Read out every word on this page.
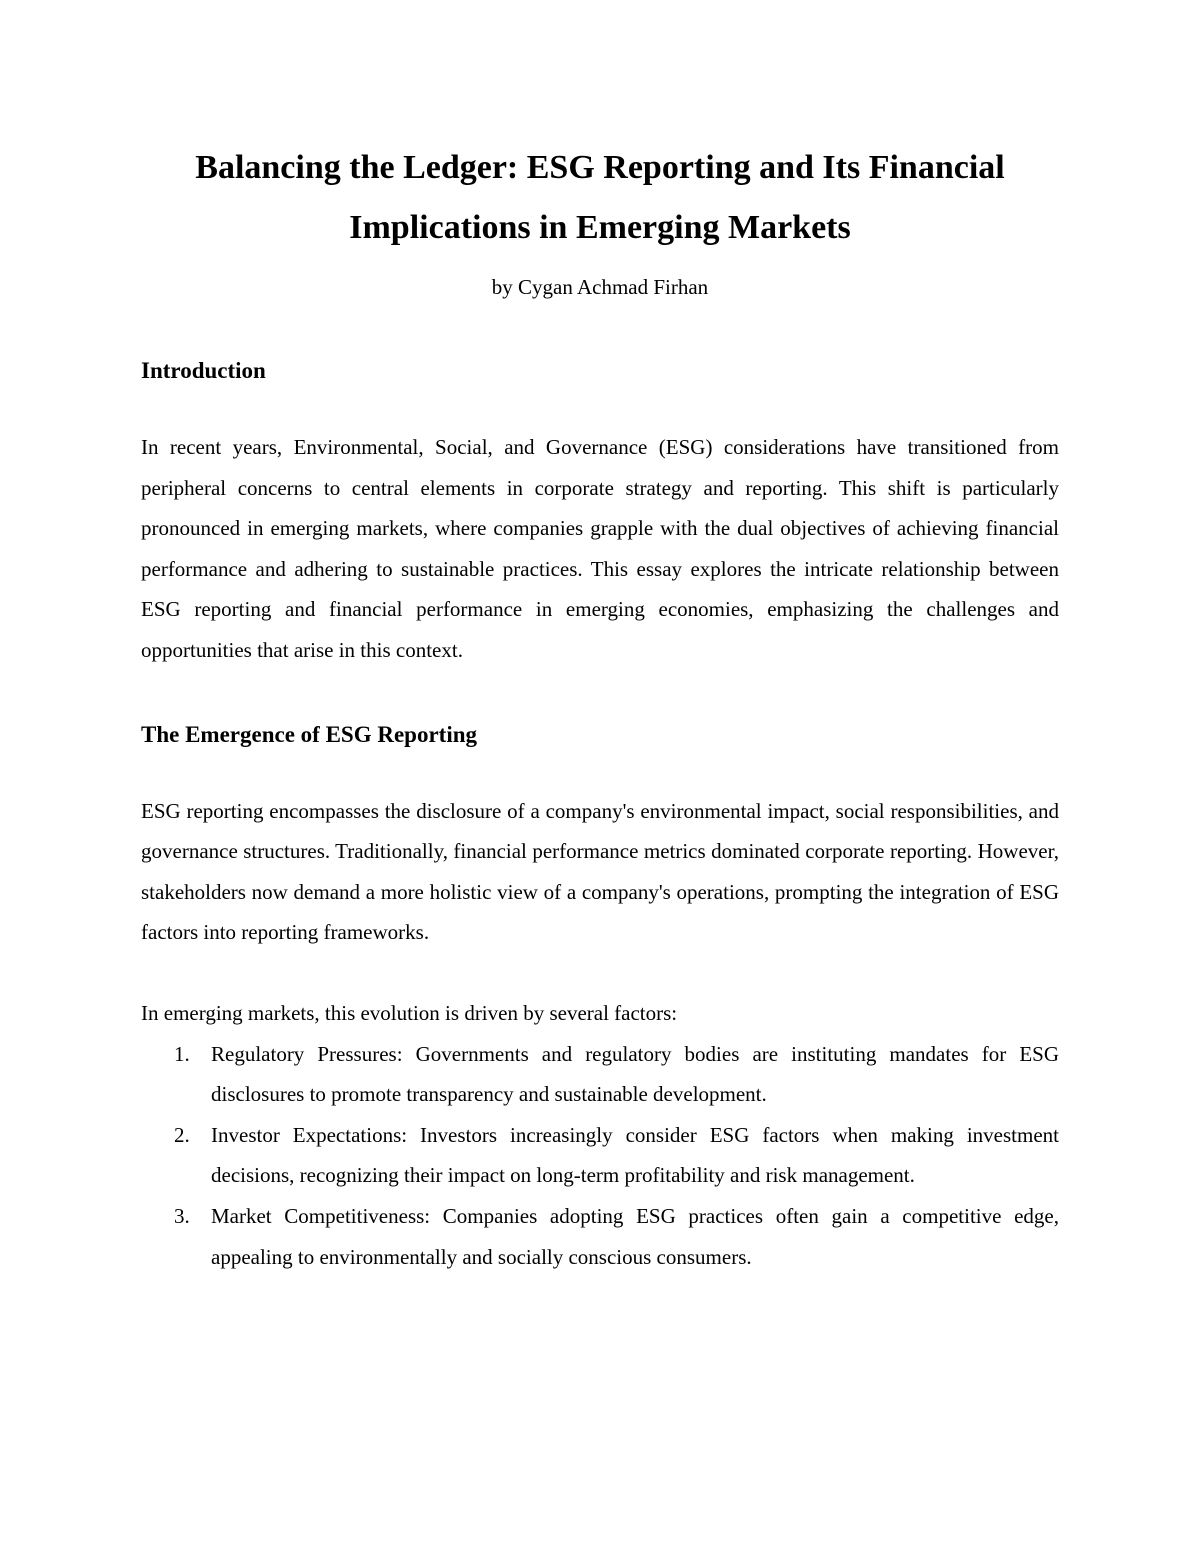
Balancing the Ledger: ESG Reporting and Its Financial
Implications in Emerging Markets

by Cygan Achmad Firhan

Introduction

In recent years, Environmental, Social, and Governance (ESG) considerations have transitioned from peripheral concerns to central elements in corporate strategy and reporting. This shift is particularly pronounced in emerging markets, where companies grapple with the dual objectives of achieving financial performance and adhering to sustainable practices. This essay explores the intricate relationship between ESG reporting and financial performance in emerging economies, emphasizing the challenges and opportunities that arise in this context.

The Emergence of ESG Reporting

ESG reporting encompasses the disclosure of a company's environmental impact, social responsibilities, and governance structures. Traditionally, financial performance metrics dominated corporate reporting. However, stakeholders now demand a more holistic view of a company's operations, prompting the integration of ESG factors into reporting frameworks.

In emerging markets, this evolution is driven by several factors:

1. Regulatory Pressures: Governments and regulatory bodies are instituting mandates for ESG disclosures to promote transparency and sustainable development.
2. Investor Expectations: Investors increasingly consider ESG factors when making investment decisions, recognizing their impact on long-term profitability and risk management.
3. Market Competitiveness: Companies adopting ESG practices often gain a competitive edge, appealing to environmentally and socially conscious consumers.
